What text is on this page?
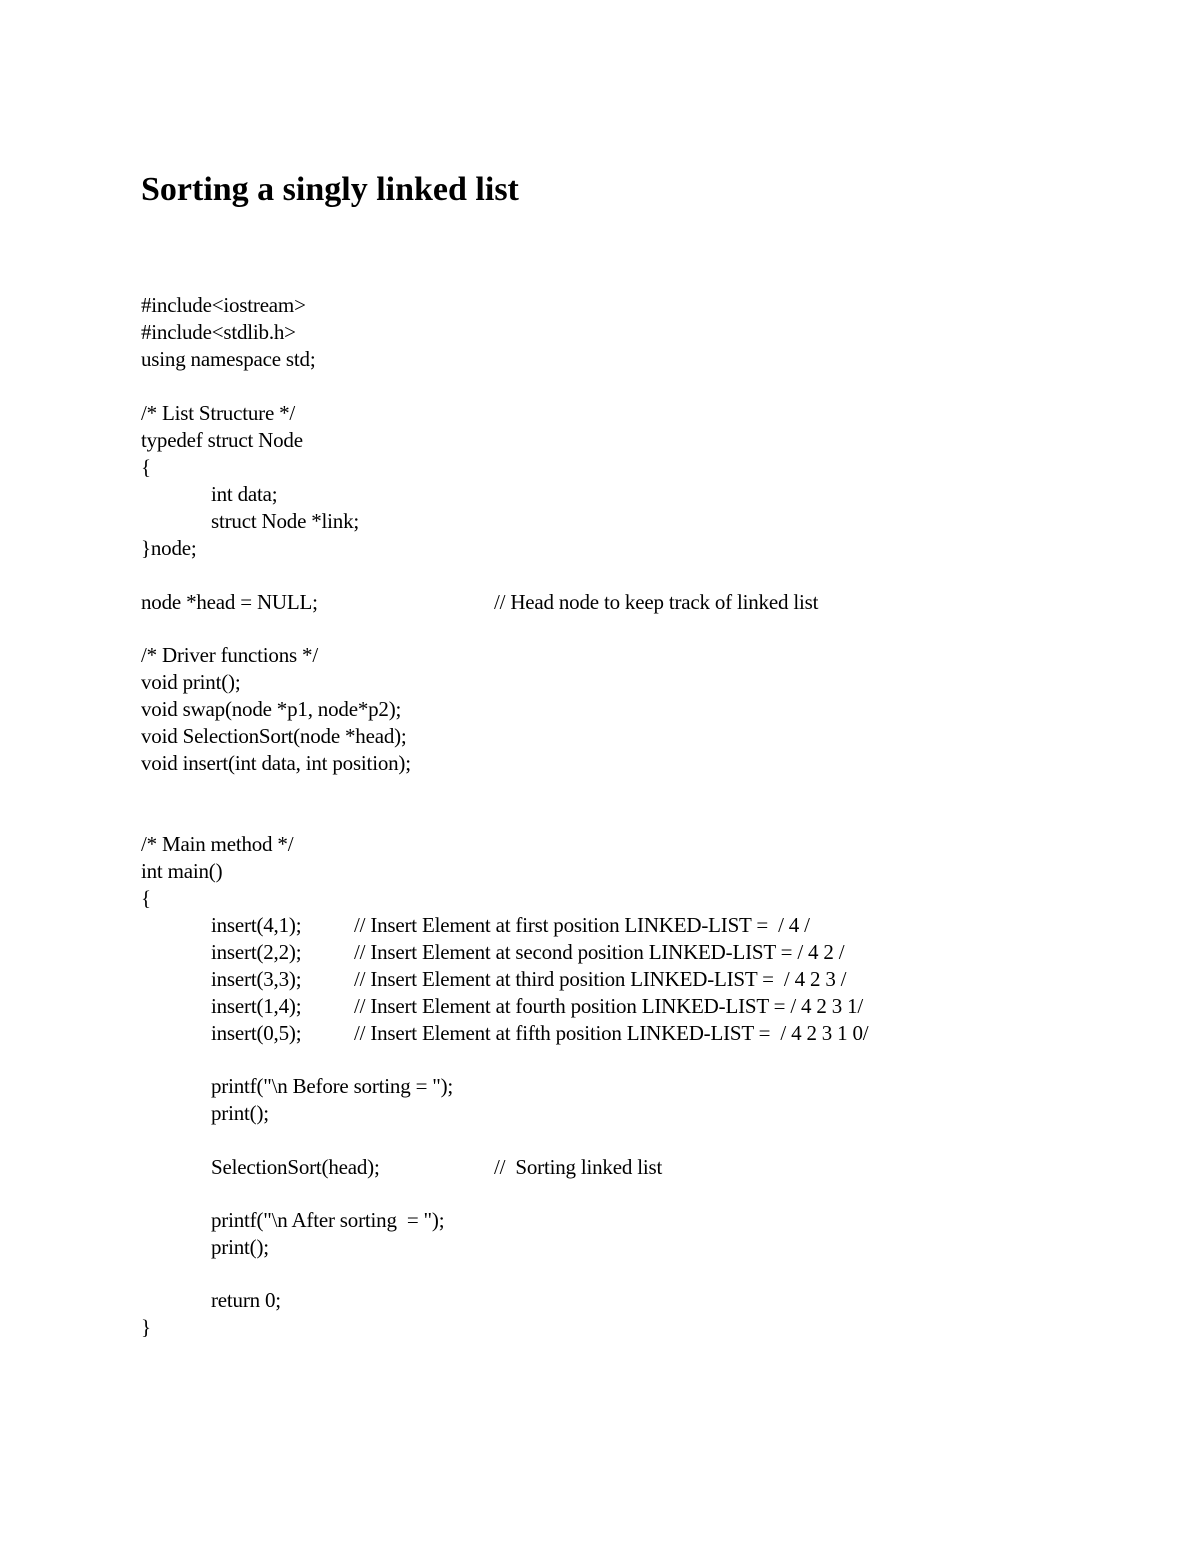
Sorting a singly linked list
#include<iostream>
#include<stdlib.h>
using namespace std;
/* List Structure */
typedef struct Node
{
int data;
struct Node *link;
}node;
node *head = NULL;	// Head node to keep track of linked list
/* Driver functions */
void print();
void swap(node *p1, node*p2);
void SelectionSort(node *head);
void insert(int data, int position);
/* Main method */
int main()
{
insert(4,1);	// Insert Element at first position LINKED-LIST =  / 4 /
insert(2,2);	// Insert Element at second position LINKED-LIST = / 4 2 /
insert(3,3);	// Insert Element at third position LINKED-LIST =  / 4 2 3 /
insert(1,4);	// Insert Element at fourth position LINKED-LIST = / 4 2 3 1/
insert(0,5);	// Insert Element at fifth position LINKED-LIST =  / 4 2 3 1 0/
printf("\n Before sorting = ");
print();
SelectionSort(head);	//  Sorting linked list
printf("\n After sorting  = ");
print();
return 0;
}
